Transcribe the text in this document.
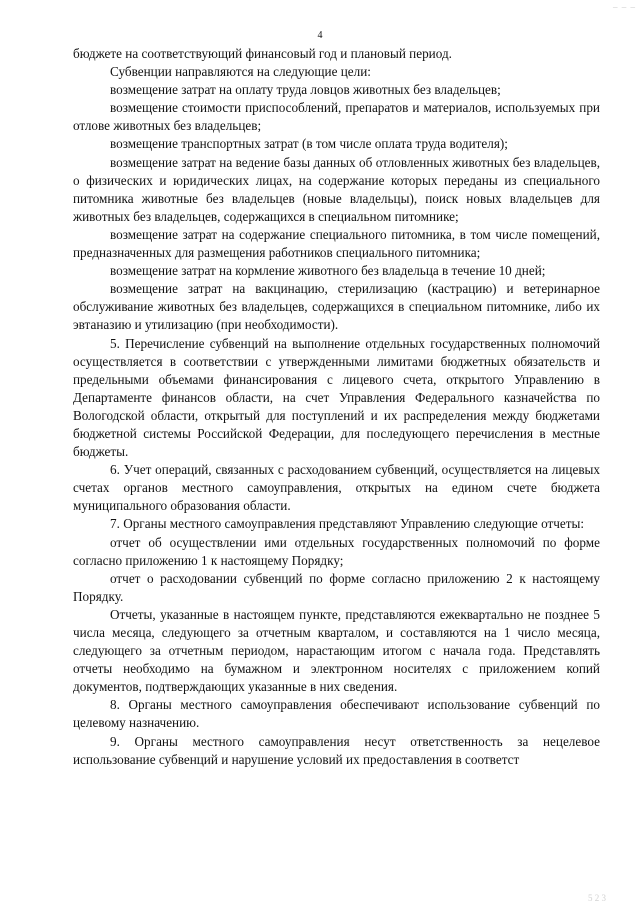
– – –
4

бюджете на соответствующий финансовый год и плановый период.

Субвенции направляются на следующие цели:

возмещение затрат на оплату труда ловцов животных без владельцев;

возмещение стоимости приспособлений, препаратов и материалов, используемых при отлове животных без владельцев;

возмещение транспортных затрат (в том числе оплата труда водителя);

возмещение затрат на ведение базы данных об отловленных животных без владельцев, о физических и юридических лицах, на содержание которых переданы из специального питомника животные без владельцев (новые владельцы), поиск новых владельцев для животных без владельцев, содержащихся в специальном питомнике;

возмещение затрат на содержание специального питомника, в том числе помещений, предназначенных для размещения работников специального питомника;

возмещение затрат на кормление животного без владельца в течение 10 дней;

возмещение затрат на вакцинацию, стерилизацию (кастрацию) и ветеринарное обслуживание животных без владельцев, содержащихся в специальном питомнике, либо их эвтаназию и утилизацию (при необходимости).

5. Перечисление субвенций на выполнение отдельных государственных полномочий осуществляется в соответствии с утвержденными лимитами бюджетных обязательств и предельными объемами финансирования с лицевого счета, открытого Управлению в Департаменте финансов области, на счет Управления Федерального казначейства по Вологодской области, открытый для поступлений и их распределения между бюджетами бюджетной системы Российской Федерации, для последующего перечисления в местные бюджеты.

6. Учет операций, связанных с расходованием субвенций, осуществляется на лицевых счетах органов местного самоуправления, открытых на едином счете бюджета муниципального образования области.

7. Органы местного самоуправления представляют Управлению следующие отчеты:

отчет об осуществлении ими отдельных государственных полномочий по форме согласно приложению 1 к настоящему Порядку;

отчет о расходовании субвенций по форме согласно приложению 2 к настоящему Порядку.

Отчеты, указанные в настоящем пункте, представляются ежеквартально не позднее 5 числа месяца, следующего за отчетным кварталом, и составляются на 1 число месяца, следующего за отчетным периодом, нарастающим итогом с начала года. Представлять отчеты необходимо на бумажном и электронном носителях с приложением копий документов, подтверждающих указанные в них сведения.

8. Органы местного самоуправления обеспечивают использование субвенций по целевому назначению.

9. Органы местного самоуправления несут ответственность за нецелевое использование субвенций и нарушение условий их предоставления в соответст

5 2 3
